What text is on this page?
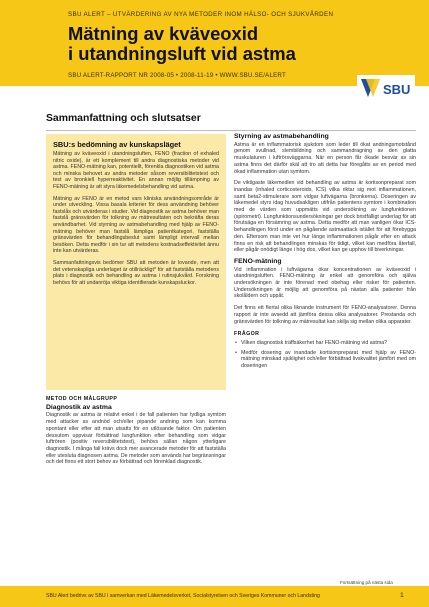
SBU ALERT – UTVÄRDERING AV NYA METODER INOM HÄLSO- OCH SJUKVÅRDEN
Mätning av kväveoxid
i utandningsluft vid astma
SBU ALERT-RAPPORT NR 2008-05 • 2008-11-19 • WWW.SBU.SE/ALERT
SBU
Sammanfattning och slutsatser
SBU:s bedömning av kunskapsläget

Mätning av kväveoxid i utandningsluften, FENO (fraction of exhaled nitric oxide), är ett komplement till andra diagnostiska metoder vid astma. FENO-mätning kan, potentiellt, förenkla diagnostiken vid astma och minska behovet av andra metoder såsom reversibilitetstest och test av bronkiell hyperreaktivitet. En annan möjlig tillämpning av FENO-mätning är att styra läkemedelsbehandling vid astma.

Mätning av FENO är en metod vars kliniska användningsområde är under utveckling. Vissa basala kriterier för dess användning behöver fastslås och utvärderas i studier. Vid diagnostik av astma behöver man fastslå gränsvärden för tolkning av mätresultaten och bekräfta deras användbarhet. Vid styrning av astmabehandling med hjälp av FENO-mätning behöver man fastslå lämpliga patientkategori, fastställa gränsvärden för behandlingsbeslut samt lämpligt intervall mellan besöken. Detta medför i sin tur att metodens kostnadseffektivitet ännu inte kan utvärderas.

Sammanfattningsvis bedömer SBU att metoden är lovande, men att det vetenskapliga underlaget är otillräckligt* för att fastställa metodens plats i diagnostik och behandling av astma i rutinsjukvård. Forskning behövs för att undanröja viktiga identifierade kunskapsluckor.

METOD OCH MÅLGRUPP
Diagnostik av astma

Diagnostik av astma är relativt enkel i de fall patienten har tydliga symtom med attacker av andnöd och/eller pipande andning som kan komma spontant eller efter att man utsatts för en utlösande faktor. Om patienten dessutom uppvisar förbättrad lungfunktion efter behandling som vidgar luftrören (positiv reversibilitetstest), behövs sällan någon ytterligare diagnostik. I många fall krävs dock mer avancerade metoder för att fastställa eller utesluta diagnosen astma. De metoder som används har begränsningar och det finns ett stort behov av förbättrad och förenklad diagnostik.

Styrning av astmabehandling

Astma är en inflammatorisk sjukdom som leder till ökat andningsmotstånd genom svullnad, slembildning och sammandragning av den glatta muskulaturen i luftrörsväggarna. När en person får ökade besvär av sin astma finns det därför skäl att tro att detta har föregåtts av en period med ökad inflammation utan symtom.

De viktigaste läkemedlen vid behandling av astma är kortisonpreparat som inandas (inhaled corticosteroids, ICS) vilka riktar sig mot inflammationen, samt beta2-stimulerare som vidgar luftvägarna (bronkerna). Doseringen av läkemedel styrs idag huvudsakligen utifrån patientens symtom i kombination med de värden som uppmätts vid undersökning av lungfunktionen (spirometri). Lungfunktionsundersökningar ger dock bristfälligt underlag för att förutsäga en försämring av astma. Detta medför att man vanligen ökar ICS-behandlingen först under en pågående astmaattack istället för att förebygga den. Eftersom man inte vet hur länge inflammationen pågår efter en attack finns en risk att behandlingen minskas för tidigt, vilket kan medföra återfall, eller pågår onödigt länge i hög dos, vilket kan ge upphov till biverkningar.

FENO-mätning

Vid inflammation i luftvägarna ökar koncentrationen av kväveoxid i utandningsluften. FENO-mätning är enkel att genomföra och själva undersökningen är inte förenad med obehag eller risker för patienten. Undersökningen är möjlig att genomföra på nästan alla patienter från skolåldern och uppåt.

Det finns ett flertal olika liknande instrument för FENO-analysatorer. Denna rapport är inte avsedd att jämföra dessa olika analysatorer. Prestanda och gränsvärden för tolkning av mätresultat kan skilja sig mellan olika apparater.

FRÅGOR
• Vilken diagnostisk träffsäkerhet har FENO-mätning vid astma?
• Medför dosering av inandade kortisonpreparat med hjälp av FENO-mätning minskad sjuklighet och/eller förbättrad livskvalitet jämfört med om doseringen
Fortsättning på nästa sida
SBU Alert bedrivs av SBU i samverkan med Läkemedelsverket, Socialstyrelsen och Sveriges Kommuner och Landsting	1
